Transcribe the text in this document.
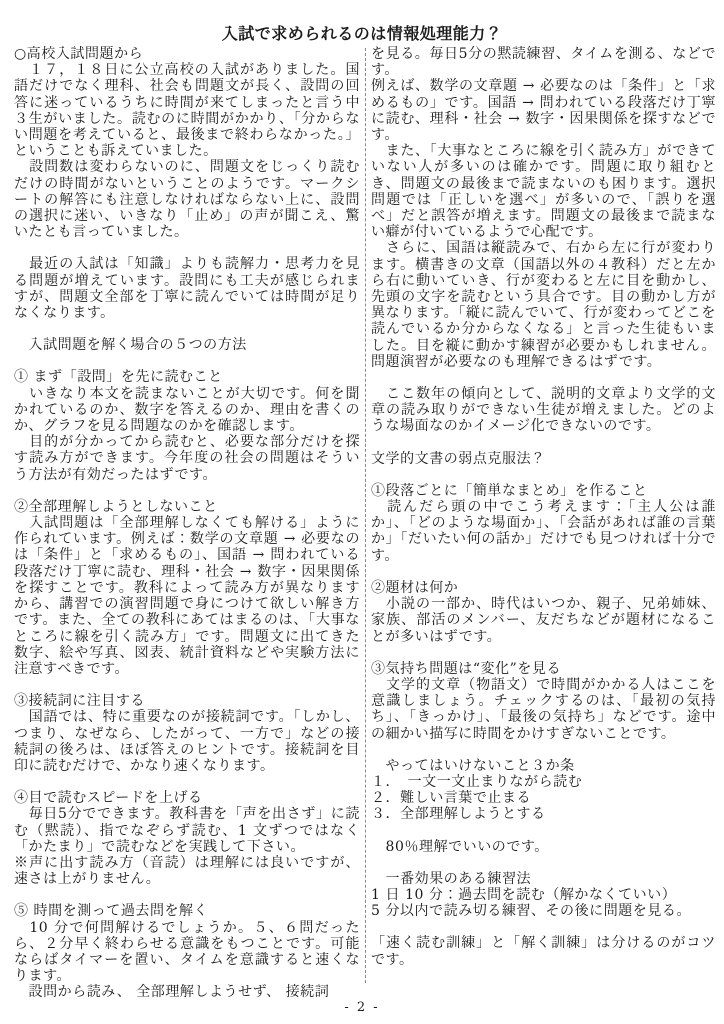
入試で求められるのは情報処理能力？

○高校入試問題から

　１７，１８日に公立高校の入試がありました。国語だけでなく理科、社会も問題文が長く、設問の回答に迷っているうちに時間が来てしまったと言う中３生がいました。読むのに時間がかかり、「分からない問題を考えていると、最後まで終わらなかった。」ということも訴えていました。

　設問数は変わらないのに、問題文をじっくり読むだけの時間がないということのようです。マークシートの解答にも注意しなければならない上に、設問の選択に迷い、いきなり「止め」の声が聞こえ、驚いたとも言っていました。

　最近の入試は「知識」よりも読解力・思考力を見る問題が増えています。設問にも工夫が感じられますが、問題文全部を丁寧に読んでいては時間が足りなくなります。

　入試問題を解く場合の５つの方法

① まず「設問」を先に読むこと

　いきなり本文を読まないことが大切です。何を聞かれているのか、数字を答えるのか、理由を書くのか、グラフを見る問題なのかを確認します。

　目的が分かってから読むと、必要な部分だけを探す読み方ができます。今年度の社会の問題はそういう方法が有効だったはずです。

②全部理解しようとしないこと

　入試問題は「全部理解しなくても解ける」ように作られています。例えば：数学の文章題 → 必要なのは「条件」と「求めるもの」、国語 → 問われている段落だけ丁寧に読む、理科・社会 → 数字・因果関係を探すことです。教科によって読み方が異なりますから、講習での演習問題で身につけて欲しい解き方です。また、全ての教科にあてはまるのは、「大事なところに線を引く読み方」です。問題文に出てきた数字、絵や写真、図表、統計資料などや実験方法に注意すべきです。

③接続詞に注目する

　国語では、特に重要なのが接続詞です。「しかし、つまり、なぜなら、したがって、一方で」などの接続詞の後ろは、ほぼ答えのヒントです。接続詞を目印に読むだけで、かなり速くなります。

④目で読むスピードを上げる

　毎日5分でできます。教科書を「声を出さず」に読む（黙読）、指でなぞらず読む、1 文ずつではなく「かたまり」で読むなどを実践して下さい。

※声に出す読み方（音読）は理解には良いですが、速さは上がりません。

⑤ 時間を測って過去問を解く

　10 分で何問解けるでしょうか。５、６問だったら、２分早く終わらせる意識をもつことです。可能ならばタイマーを置い、タイムを意識すると速くなります。

　設問から読み、 全部理解しようせず、 接続詞

を見る。毎日5分の黙読練習、タイムを測る、などです。

例えば、数学の文章題 → 必要なのは「条件」と「求めるもの」です。国語 → 問われている段落だけ丁寧に読む、理科・社会 → 数字・因果関係を探すなどです。

　また、「大事なところに線を引く読み方」ができていない人が多いのは確かです。問題に取り組むとき、問題文の最後まで読まないのも困ります。選択問題では「正しいを選べ」が多いので、「誤りを選べ」だと誤答が増えます。問題文の最後まで読まない癖が付いているようで心配です。

　さらに、国語は縦読みで、右から左に行が変わります。横書きの文章（国語以外の４教科）だと左から右に動いていき、行が変わると左に目を動かし、先頭の文字を読むという具合です。目の動かし方が異なります。「縦に読んでいて、行が変わってどこを読んでいるか分からなくなる」と言った生徒もいました。目を縦に動かす練習が必要かもしれません。問題演習が必要なのも理解できるはずです。

　ここ数年の傾向として、説明的文章より文学的文章の読み取りができない生徒が増えました。どのような場面なのかイメージ化できないのです。

文学的文書の弱点克服法？

①段落ごとに「簡単なまとめ」を作ること

　読んだら頭の中でこう考えます：「主人公は誰か」、「どのような場面か」、「会話があれば誰の言葉か」「だいたい何の話か」だけでも見つければ十分です。

②題材は何か

　小説の一部か、時代はいつか、親子、兄弟姉妹、家族、部活のメンバー、友だちなどが題材になることが多いはずです。

③気持ち問題は“変化”を見る

　文学的文章（物語文）で時間がかかる人はここを意識しましょう。チェックするのは、「最初の気持ち」、「きっかけ」、「最後の気持ち」などです。途中の細かい描写に時間をかけすぎないことです。

　やってはいけないこと３か条

１．　一文一文止まりながら読む

２．難しい言葉で止まる

３．全部理解しようとする

　80％理解でいいのです。

　一番効果のある練習法

1 日 10 分：過去問を読む（解かなくていい）

5 分以内で読み切る練習、その後に問題を見る。

「速く読む訓練」と「解く訓練」は分けるのがコツです。

- 2 -
